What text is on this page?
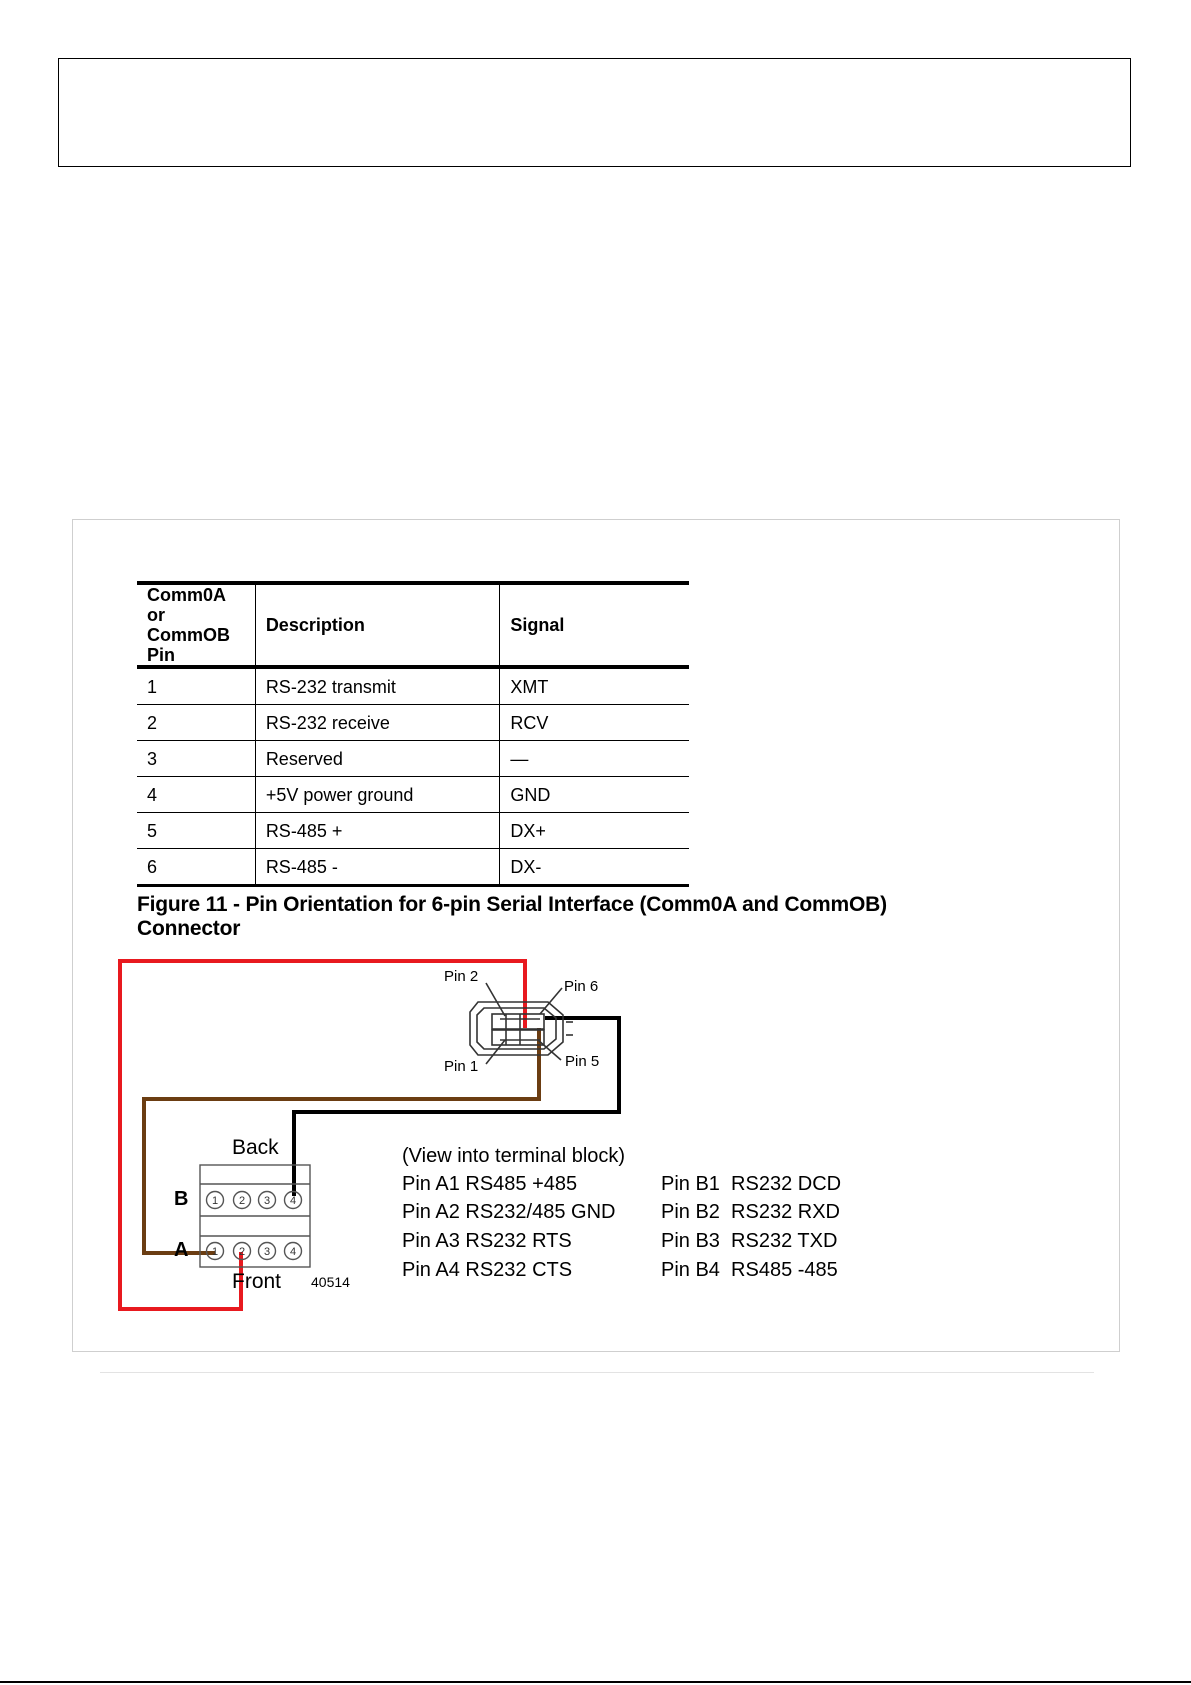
Comm0A or
CommOB
Pin	Description	Signal
1	RS-232 transmit	XMT
2	RS-232 receive	RCV
3	Reserved	—
4	+5V power ground	GND
5	RS-485 +	DX+
6	RS-485 -	DX-
Figure 11 - Pin Orientation for 6-pin Serial Interface (Comm0A and CommOB) Connector
Pin 2
Pin 6
Pin 1	Pin 5
1 2 3 4
1 2 3 4
Back
Front
B
A
40514
(View into terminal block)
Pin A1 RS485 +485
Pin A2 RS232/485 GND
Pin A3 RS232 RTS
Pin A4 RS232 CTS
Pin B1  RS232 DCD
Pin B2  RS232 RXD
Pin B3  RS232 TXD
Pin B4  RS485 -485
